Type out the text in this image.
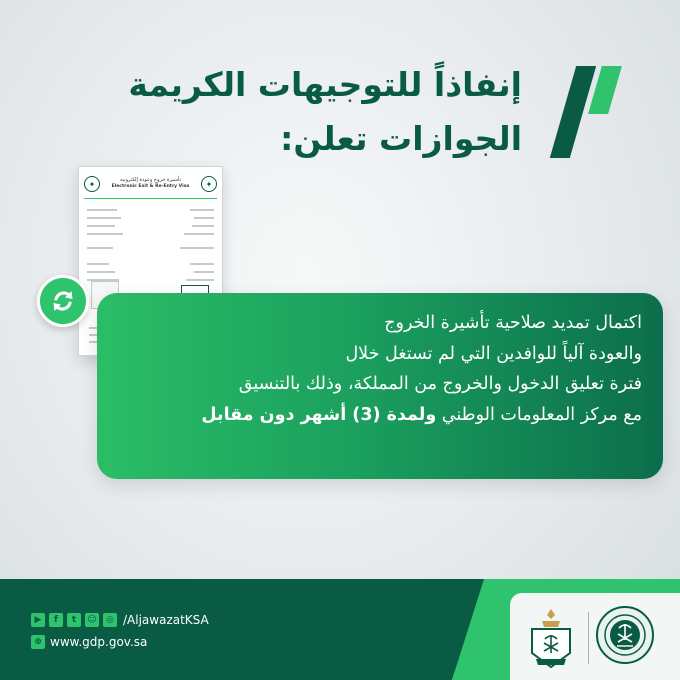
إنفاذاً للتوجيهات الكريمة
الجوازات تعلن:
✦	تأشيرة خروج وعودة إلكترونية
Electronic Exit & Re-Entry Visa	✦
اكتمال تمديد صلاحية تأشيرة الخروج
والعودة آلياً للوافدين التي لم تستغل خلال
فترة تعليق الدخول والخروج من المملكة، وذلك بالتنسيق
مع مركز المعلومات الوطني ولمدة (3) أشهر دون مقابل
▶	f	t	☺	◎ /AljawazatKSA
⊕ www.gdp.gov.sa
